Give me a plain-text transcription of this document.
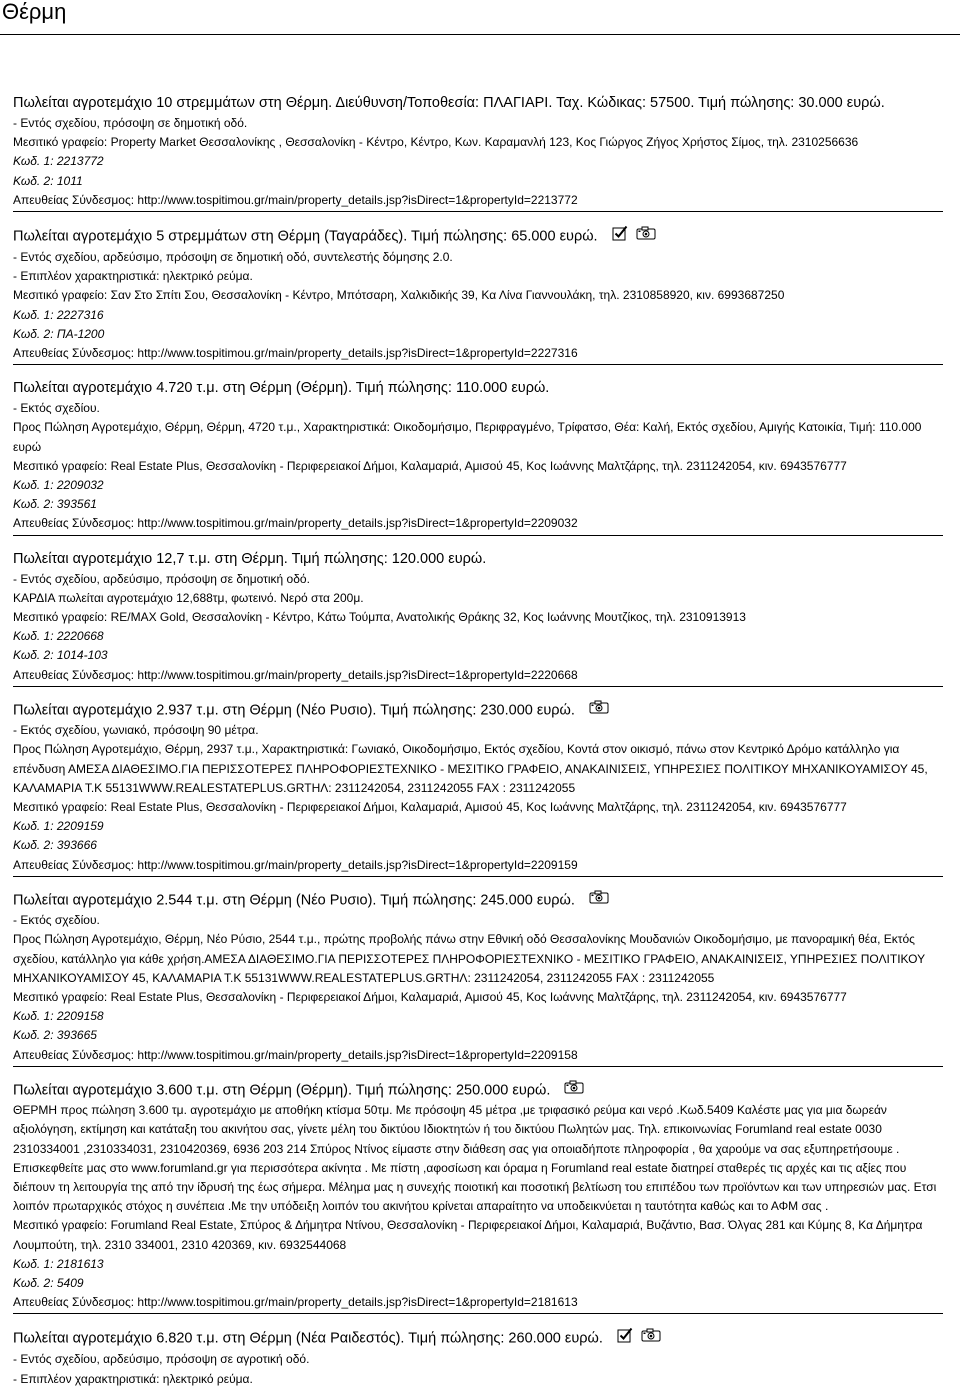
Θέρμη
Πωλείται αγροτεμάχιο 10 στρεμμάτων στη Θέρμη. Διεύθυνση/Τοποθεσία: ΠΛΑΓΙΑΡΙ. Ταχ. Κώδικας: 57500. Τιμή πώλησης: 30.000 ευρώ.
- Εντός σχεδίου, πρόσοψη σε δημοτική οδό.
Μεσιτικό γραφείο: Property Market Θεσσαλονίκης , Θεσσαλονίκη - Κέντρο, Κέντρο, Κων. Καραμανλή 123, Κος Γιώργος Ζήγος Χρήστος Σίμος, τηλ. 2310256636
Κωδ. 1: 2213772
Κωδ. 2: 1011
Απευθείας Σύνδεσμος: http://www.tospitimou.gr/main/property_details.jsp?isDirect=1&propertyId=2213772
Πωλείται αγροτεμάχιο 5 στρεμμάτων στη Θέρμη (Ταγαράδες). Τιμή πώλησης: 65.000 ευρώ.
- Εντός σχεδίου, αρδεύσιμο, πρόσοψη σε δημοτική οδό, συντελεστής δόμησης 2.0.
- Επιπλέον χαρακτηριστικά: ηλεκτρικό ρεύμα.
Μεσιτικό γραφείο: Σαν Στο Σπίτι Σου, Θεσσαλονίκη - Κέντρο, Μπότσαρη, Χαλκιδικής 39, Κα Λίνα Γιαννουλάκη, τηλ. 2310858920, κιν. 6993687250
Κωδ. 1: 2227316
Κωδ. 2: ΠΑ-1200
Απευθείας Σύνδεσμος: http://www.tospitimou.gr/main/property_details.jsp?isDirect=1&propertyId=2227316
Πωλείται αγροτεμάχιο 4.720 τ.μ. στη Θέρμη (Θέρμη). Τιμή πώλησης: 110.000 ευρώ.
- Εκτός σχεδίου.
Προς Πώληση Αγροτεμάχιο, Θέρμη, Θέρμη, 4720 τ.μ., Χαρακτηριστικά: Οικοδομήσιμο, Περιφραγμένο, Τρίφατσο, Θέα: Καλή, Εκτός σχεδίου, Αμιγής Κατοικία, Τιμή: 110.000 ευρώ
Μεσιτικό γραφείο: Real Estate Plus, Θεσσαλονίκη - Περιφερειακοί Δήμοι, Καλαμαριά, Αμισού 45, Κος Ιωάννης Μαλτζάρης, τηλ. 2311242054, κιν. 6943576777
Κωδ. 1: 2209032
Κωδ. 2: 393561
Απευθείας Σύνδεσμος: http://www.tospitimou.gr/main/property_details.jsp?isDirect=1&propertyId=2209032
Πωλείται αγροτεμάχιο 12,7 τ.μ. στη Θέρμη. Τιμή πώλησης: 120.000 ευρώ.
- Εντός σχεδίου, αρδεύσιμο, πρόσοψη σε δημοτική οδό.
ΚΑΡΔΙΑ πωλείται αγροτεμάχιο 12,688τμ, φωτεινό. Νερό στα 200μ.
Μεσιτικό γραφείο: RE/MAX Gold, Θεσσαλονίκη - Κέντρο, Κάτω Τούμπα, Ανατολικής Θράκης 32, Κος Ιωάννης Μουτζίκος, τηλ. 2310913913
Κωδ. 1: 2220668
Κωδ. 2: 1014-103
Απευθείας Σύνδεσμος: http://www.tospitimou.gr/main/property_details.jsp?isDirect=1&propertyId=2220668
Πωλείται αγροτεμάχιο 2.937 τ.μ. στη Θέρμη (Νέο Ρυσιο). Τιμή πώλησης: 230.000 ευρώ.
- Εκτός σχεδίου, γωνιακό, πρόσοψη 90 μέτρα.
Προς Πώληση Αγροτεμάχιο, Θέρμη, 2937 τ.μ., Χαρακτηριστικά: Γωνιακό, Οικοδομήσιμο, Εκτός σχεδίου, Κοντά στον οικισμό, πάνω στον Κεντρικό Δρόμο κατάλληλο για επένδυση ΑΜΕΣΑ ΔΙΑΘΕΣΙΜΟ.ΓΙΑ ΠΕΡΙΣΣΟΤΕΡΕΣ ΠΛΗΡΟΦΟΡΙΕΣΤΕΧΝΙΚΟ - ΜΕΣΙΤΙΚΟ ΓΡΑΦΕΙΟ, ΑΝΑΚΑΙΝΙΣΕΙΣ, ΥΠΗΡΕΣΙΕΣ ΠΟΛΙΤΙΚΟΥ ΜΗΧΑΝΙΚΟΥΑΜΙΣΟΥ 45, ΚΑΛΑΜΑΡΙΑ Τ.Κ 55131WWW.REALESTATEPLUS.GRTHΛ: 2311242054, 2311242055 FAX : 2311242055
Μεσιτικό γραφείο: Real Estate Plus, Θεσσαλονίκη - Περιφερειακοί Δήμοι, Καλαμαριά, Αμισού 45, Κος Ιωάννης Μαλτζάρης, τηλ. 2311242054, κιν. 6943576777
Κωδ. 1: 2209159
Κωδ. 2: 393666
Απευθείας Σύνδεσμος: http://www.tospitimou.gr/main/property_details.jsp?isDirect=1&propertyId=2209159
Πωλείται αγροτεμάχιο 2.544 τ.μ. στη Θέρμη (Νέο Ρυσιο). Τιμή πώλησης: 245.000 ευρώ.
- Εκτός σχεδίου.
Προς Πώληση Αγροτεμάχιο, Θέρμη, Νέο Ρύσιο, 2544 τ.μ., πρώτης προβολής πάνω στην Εθνική οδό Θεσσαλονίκης Μουδανιών Οικοδομήσιμο, με πανοραμική θέα, Εκτός σχεδίου, κατάλληλο για κάθε χρήση.ΑΜΕΣΑ ΔΙΑΘΕΣΙΜΟ.ΓΙΑ ΠΕΡΙΣΣΟΤΕΡΕΣ ΠΛΗΡΟΦΟΡΙΕΣΤΕΧΝΙΚΟ - ΜΕΣΙΤΙΚΟ ΓΡΑΦΕΙΟ, ΑΝΑΚΑΙΝΙΣΕΙΣ, ΥΠΗΡΕΣΙΕΣ ΠΟΛΙΤΙΚΟΥ ΜΗΧΑΝΙΚΟΥΑΜΙΣΟΥ 45, ΚΑΛΑΜΑΡΙΑ Τ.Κ 55131WWW.REALESTATEPLUS.GRTHΛ: 2311242054, 2311242055 FAX : 2311242055
Μεσιτικό γραφείο: Real Estate Plus, Θεσσαλονίκη - Περιφερειακοί Δήμοι, Καλαμαριά, Αμισού 45, Κος Ιωάννης Μαλτζάρης, τηλ. 2311242054, κιν. 6943576777
Κωδ. 1: 2209158
Κωδ. 2: 393665
Απευθείας Σύνδεσμος: http://www.tospitimou.gr/main/property_details.jsp?isDirect=1&propertyId=2209158
Πωλείται αγροτεμάχιο 3.600 τ.μ. στη Θέρμη (Θέρμη). Τιμή πώλησης: 250.000 ευρώ.
ΘΕΡΜΗ προς πώληση 3.600 τμ. αγροτεμάχιο με αποθήκη κτίσμα 50τμ. Με πρόσοψη 45 μέτρα ,με τριφασικό ρεύμα και νερό .Κωδ.5409 Καλέστε μας για μια δωρεάν αξιολόγηση, εκτίμηση και κατάταξη του ακινήτου σας, γίνετε μέλη του δικτύου Ιδιοκτητών ή του δικτύου Πωλητών μας. Τηλ. επικοινωνίας Forumland real estate 0030 2310334001 ,2310334031, 2310420369, 6936 203 214 Σπύρος Ντίνος είμαστε στην διάθεση σας για οποιαδήποτε πληροφορία , θα χαρούμε να σας εξυπηρετήσουμε . Επισκεφθείτε μας στο www.forumland.gr για περισσότερα ακίνητα . Με πίστη ,αφοσίωση και όραμα η Forumland real estate διατηρεί σταθερές τις αρχές και τις αξίες που διέπουν τη λειτουργία της από την ίδρυσή της έως σήμερα. Μέλημα μας η συνεχής ποιοτική και ποσοτική βελτίωση του επιπέδου των προϊόντων και των υπηρεσιών μας. Ετσι λοιπόν πρωταρχικός στόχος η συνέπεια .Με την υπόδειξη λοιπόν του ακινήτου κρίνεται απαραίτητο να υποδεικνύεται η ταυτότητα καθώς και το ΑΦΜ σας .
Μεσιτικό γραφείο: Forumland Real Estate, Σπύρος & Δήμητρα Ντίνου, Θεσσαλονίκη - Περιφερειακοί Δήμοι, Καλαμαριά, Βυζάντιο, Βασ. Όλγας 281 και Κύμης 8, Κα Δήμητρα Λουμπούτη, τηλ. 2310 334001, 2310 420369, κιν. 6932544068
Κωδ. 1: 2181613
Κωδ. 2: 5409
Απευθείας Σύνδεσμος: http://www.tospitimou.gr/main/property_details.jsp?isDirect=1&propertyId=2181613
Πωλείται αγροτεμάχιο 6.820 τ.μ. στη Θέρμη (Νέα Ραιδεστός). Τιμή πώλησης: 260.000 ευρώ.
- Εντός σχεδίου, αρδεύσιμο, πρόσοψη σε αγροτική οδό.
- Επιπλέον χαρακτηριστικά: ηλεκτρικό ρεύμα.
